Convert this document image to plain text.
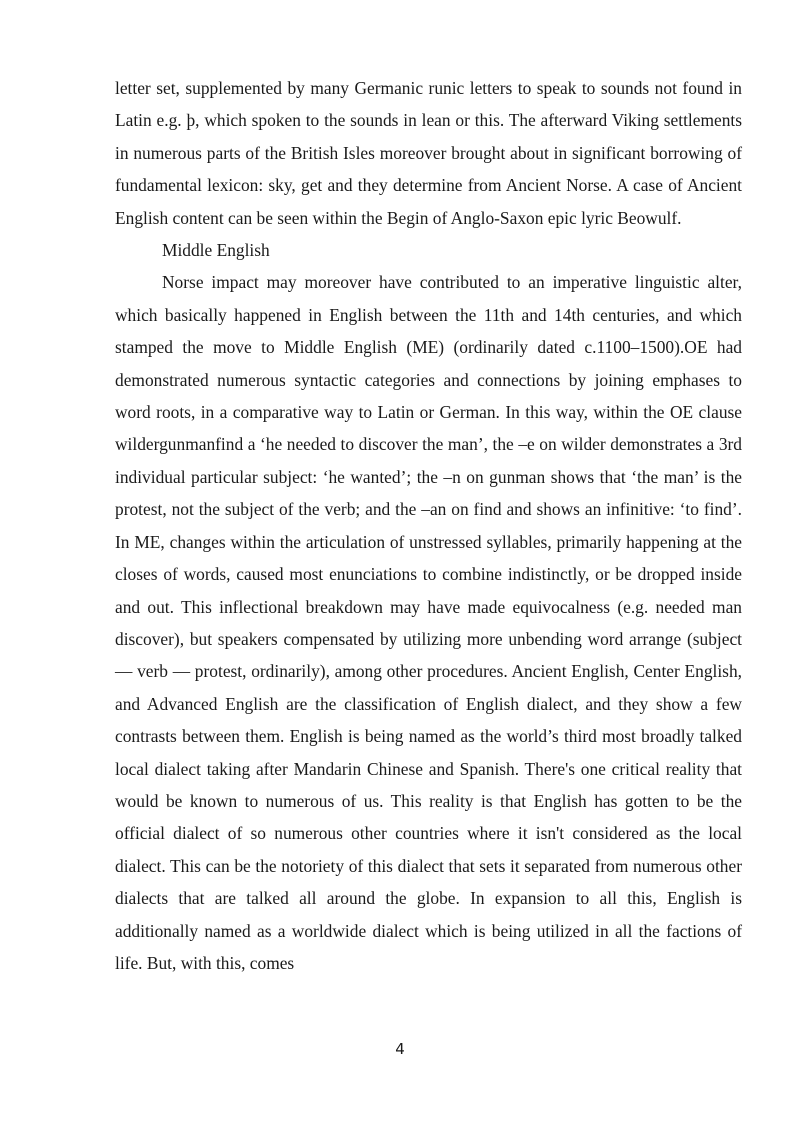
letter set, supplemented by many Germanic runic letters to speak to sounds not found in Latin e.g. þ, which spoken to the sounds in lean or this. The afterward Viking settlements in numerous parts of the British Isles moreover brought about in significant borrowing of fundamental lexicon: sky, get and they determine from Ancient Norse. A case of Ancient English content can be seen within the Begin of Anglo-Saxon epic lyric Beowulf.

Middle English

Norse impact may moreover have contributed to an imperative linguistic alter, which basically happened in English between the 11th and 14th centuries, and which stamped the move to Middle English (ME) (ordinarily dated c.1100–1500).OE had demonstrated numerous syntactic categories and connections by joining emphases to word roots, in a comparative way to Latin or German. In this way, within the OE clause wildergunmanfind a ‘he needed to discover the man’, the –e on wilder demonstrates a 3rd individual particular subject: ‘he wanted’; the –n on gunman shows that ‘the man’ is the protest, not the subject of the verb; and the –an on find and shows an infinitive: ‘to find’. In ME, changes within the articulation of unstressed syllables, primarily happening at the closes of words, caused most enunciations to combine indistinctly, or be dropped inside and out. This inflectional breakdown may have made equivocalness (e.g. needed man discover), but speakers compensated by utilizing more unbending word arrange (subject — verb — protest, ordinarily), among other procedures. Ancient English, Center English, and Advanced English are the classification of English dialect, and they show a few contrasts between them. English is being named as the world’s third most broadly talked local dialect taking after Mandarin Chinese and Spanish. There's one critical reality that would be known to numerous of us. This reality is that English has gotten to be the official dialect of so numerous other countries where it isn't considered as the local dialect. This can be the notoriety of this dialect that sets it separated from numerous other dialects that are talked all around the globe. In expansion to all this, English is additionally named as a worldwide dialect which is being utilized in all the factions of life. But, with this, comes

4
